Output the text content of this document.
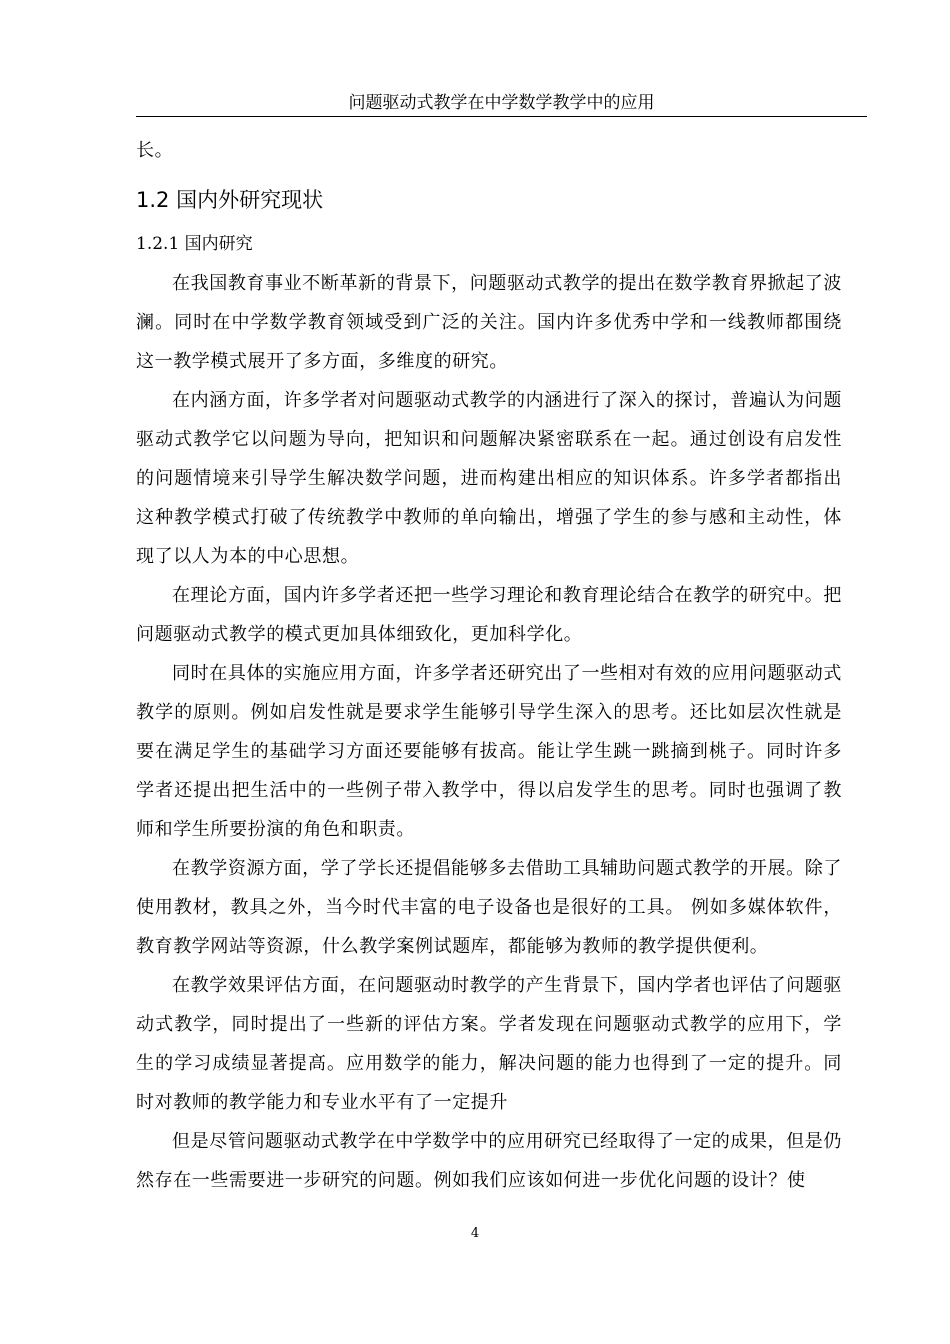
问题驱动式教学在中学数学教学中的应用

长。

1.2 国内外研究现状
1.2.1 国内研究

在我国教育事业不断革新的背景下，问题驱动式教学的提出在数学教育界掀起了波澜。同时在中学数学教育领域受到广泛的关注。国内许多优秀中学和一线教师都围绕这一教学模式展开了多方面，多维度的研究。

在内涵方面，许多学者对问题驱动式教学的内涵进行了深入的探讨，普遍认为问题驱动式教学它以问题为导向，把知识和问题解决紧密联系在一起。通过创设有启发性的问题情境来引导学生解决数学问题，进而构建出相应的知识体系。许多学者都指出这种教学模式打破了传统教学中教师的单向输出，增强了学生的参与感和主动性，体现了以人为本的中心思想。

在理论方面，国内许多学者还把一些学习理论和教育理论结合在教学的研究中。把问题驱动式教学的模式更加具体细致化，更加科学化。

同时在具体的实施应用方面，许多学者还研究出了一些相对有效的应用问题驱动式教学的原则。例如启发性就是要求学生能够引导学生深入的思考。还比如层次性就是要在满足学生的基础学习方面还要能够有拔高。能让学生跳一跳摘到桃子。同时许多学者还提出把生活中的一些例子带入教学中，得以启发学生的思考。同时也强调了教师和学生所要扮演的角色和职责。

在教学资源方面，学了学长还提倡能够多去借助工具辅助问题式教学的开展。除了使用教材，教具之外，当今时代丰富的电子设备也是很好的工具。 例如多媒体软件，教育教学网站等资源，什么教学案例试题库，都能够为教师的教学提供便利。

在教学效果评估方面，在问题驱动时教学的产生背景下，国内学者也评估了问题驱动式教学，同时提出了一些新的评估方案。学者发现在问题驱动式教学的应用下，学生的学习成绩显著提高。应用数学的能力，解决问题的能力也得到了一定的提升。同时对教师的教学能力和专业水平有了一定提升

但是尽管问题驱动式教学在中学数学中的应用研究已经取得了一定的成果，但是仍然存在一些需要进一步研究的问题。例如我们应该如何进一步优化问题的设计？使

4
